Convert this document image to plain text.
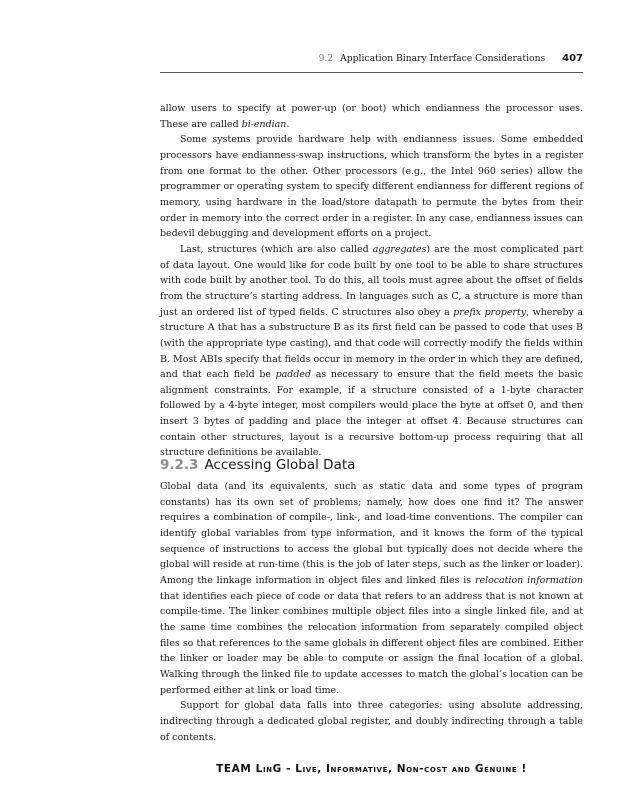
9.2 Application Binary Interface Considerations 407

allow users to specify at power-up (or boot) which endianness the processor uses. These are called bi-endian.

Some systems provide hardware help with endianness issues. Some embedded processors have endianness-swap instructions, which transform the bytes in a register from one format to the other. Other processors (e.g., the Intel 960 series) allow the programmer or operating system to specify different endianness for different regions of memory, using hardware in the load/store datapath to permute the bytes from their order in memory into the correct order in a register. In any case, endianness issues can bedevil debugging and development efforts on a project.

Last, structures (which are also called aggregates) are the most complicated part of data layout. One would like for code built by one tool to be able to share structures with code built by another tool. To do this, all tools must agree about the offset of fields from the structure’s starting address. In languages such as C, a structure is more than just an ordered list of typed fields. C structures also obey a prefix property, whereby a structure A that has a substructure B as its first field can be passed to code that uses B (with the appropriate type casting), and that code will correctly modify the fields within B. Most ABIs specify that fields occur in memory in the order in which they are defined, and that each field be padded as necessary to ensure that the field meets the basic alignment constraints. For example, if a structure consisted of a 1-byte character followed by a 4-byte integer, most compilers would place the byte at offset 0, and then insert 3 bytes of padding and place the integer at offset 4. Because structures can contain other structures, layout is a recursive bottom-up process requiring that all structure definitions be available.

9.2.3 Accessing Global Data

Global data (and its equivalents, such as static data and some types of program constants) has its own set of problems; namely, how does one find it? The answer requires a combination of compile-, link-, and load-time conventions. The compiler can identify global variables from type information, and it knows the form of the typical sequence of instructions to access the global but typically does not decide where the global will reside at run-time (this is the job of later steps, such as the linker or loader). Among the linkage information in object files and linked files is relocation information that identifies each piece of code or data that refers to an address that is not known at compile-time. The linker combines multiple object files into a single linked file, and at the same time combines the relocation information from separately compiled object files so that references to the same globals in different object files are combined. Either the linker or loader may be able to compute or assign the final location of a global. Walking through the linked file to update accesses to match the global’s location can be performed either at link or load time.

Support for global data falls into three categories: using absolute addressing, indirecting through a dedicated global register, and doubly indirecting through a table of contents.

TEAM LinG - Live, Informative, Non-cost and Genuine !
